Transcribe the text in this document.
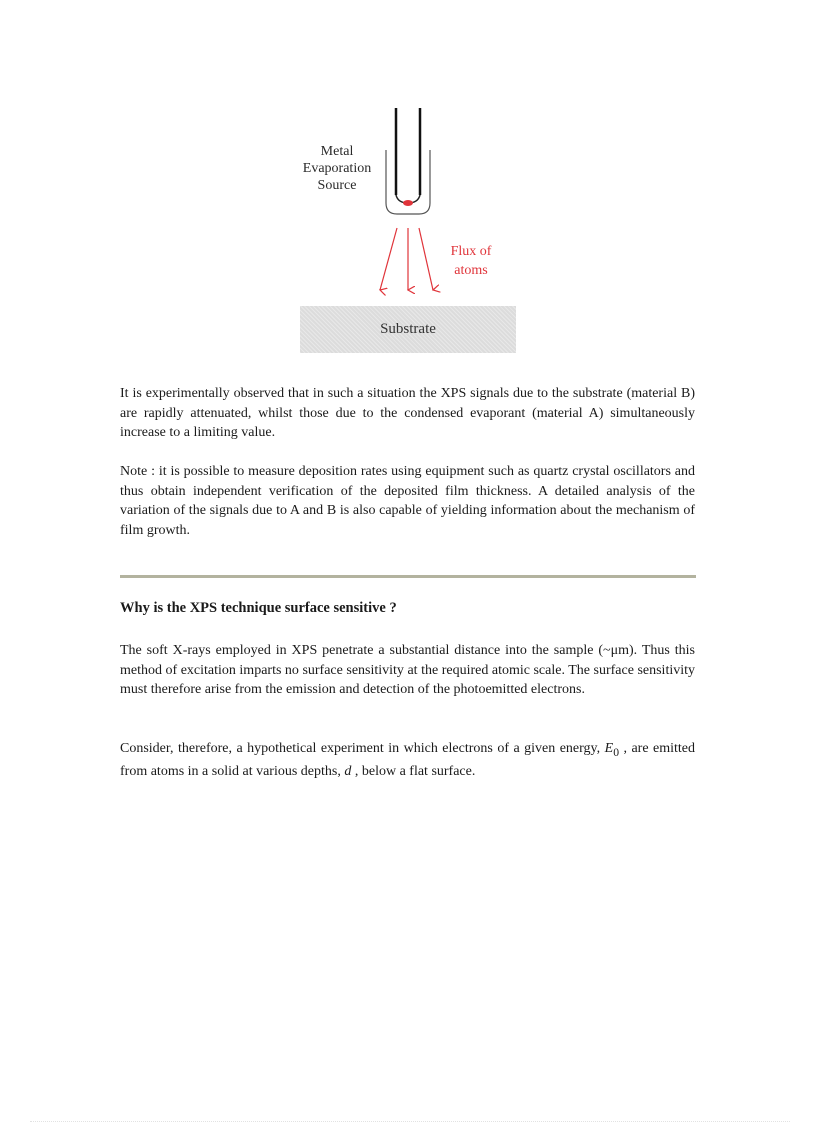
Metal
Evaporation
Source
Flux of
atoms
Substrate
It is experimentally observed that in such a situation the XPS signals due to the substrate (material B) are rapidly attenuated, whilst those due to the condensed evaporant (material A) simultaneously increase to a limiting value.
Note : it is possible to measure deposition rates using equipment such as quartz crystal oscillators and thus obtain independent verification of the deposited film thickness. A detailed analysis of the variation of the signals due to A and B is also capable of yielding information about the mechanism of film growth.
Why is the XPS technique surface sensitive ?
The soft X-rays employed in XPS penetrate a substantial distance into the sample (~μm). Thus this method of excitation imparts no surface sensitivity at the required atomic scale. The surface sensitivity must therefore arise from the emission and detection of the photoemitted electrons.
Consider, therefore, a hypothetical experiment in which electrons of a given energy, $E_0$ , are emitted from atoms in a solid at various depths, d , below a flat surface.
